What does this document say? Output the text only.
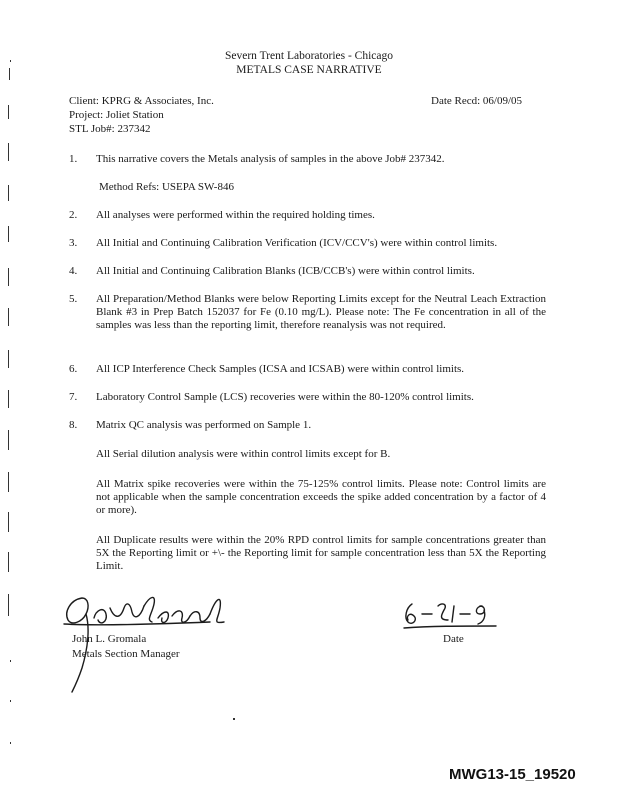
Severn Trent Laboratories - Chicago
METALS CASE NARRATIVE
Client: KPRG & Associates, Inc.	Date Recd: 06/09/05
Project: Joliet Station
STL Job#: 237342
1. This narrative covers the Metals analysis of samples in the above Job# 237342.
Method Refs: USEPA SW-846
2. All analyses were performed within the required holding times.
3. All Initial and Continuing Calibration Verification (ICV/CCV's) were within control limits.
4. All Initial and Continuing Calibration Blanks (ICB/CCB's) were within control limits.
5. All Preparation/Method Blanks were below Reporting Limits except for the Neutral Leach Extraction Blank #3 in Prep Batch 152037 for Fe (0.10 mg/L). Please note: The Fe concentration in all of the samples was less than the reporting limit, therefore reanalysis was not required.
6. All ICP Interference Check Samples (ICSA and ICSAB) were within control limits.
7. Laboratory Control Sample (LCS) recoveries were within the 80-120% control limits.
8. Matrix QC analysis was performed on Sample 1.
All Serial dilution analysis were within control limits except for B.
All Matrix spike recoveries were within the 75-125% control limits. Please note: Control limits are not applicable when the sample concentration exceeds the spike added concentration by a factor of 4 or more).
All Duplicate results were within the 20% RPD control limits for sample concentrations greater than 5X the Reporting limit or +\- the Reporting limit for sample concentration less than 5X the Reporting Limit.
John L. Gromala
Metals Section Manager
Date
MWG13-15_19520
